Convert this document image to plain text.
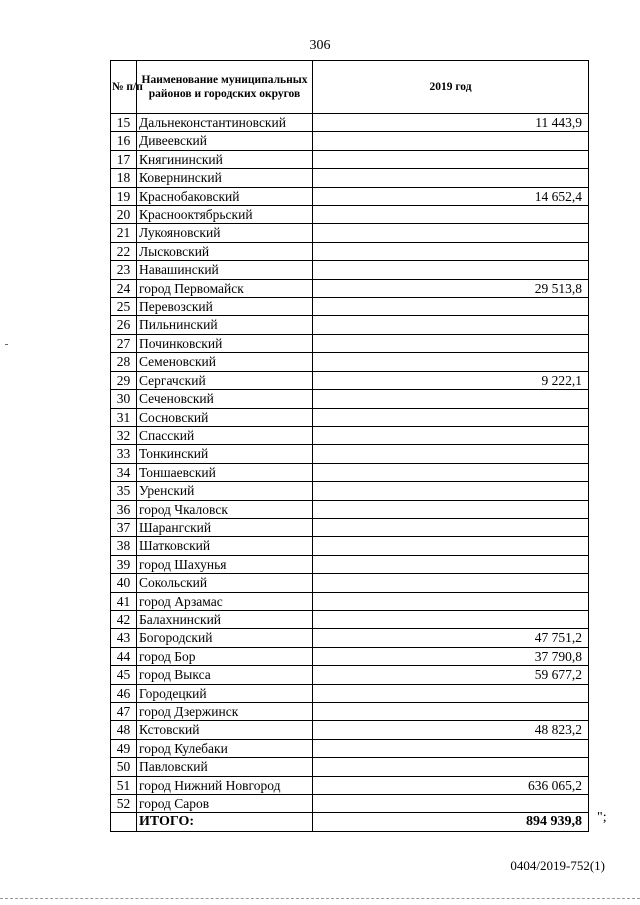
306
№ п/п	Наименование муниципальных районов и городских округов	2019 год
15	Дальнеконстантиновский	11 443,9
16	Дивеевский	
17	Княгининский	
18	Ковернинский	
19	Краснобаковский	14 652,4
20	Краснооктябрьский	
21	Лукояновский	
22	Лысковский	
23	Навашинский	
24	город Первомайск	29 513,8
25	Перевозский	
26	Пильнинский	
27	Починковский	
28	Семеновский	
29	Сергачский	9 222,1
30	Сеченовский	
31	Сосновский	
32	Спасский	
33	Тонкинский	
34	Тоншаевский	
35	Уренский	
36	город Чкаловск	
37	Шарангский	
38	Шатковский	
39	город Шахунья	
40	Сокольский	
41	город Арзамас	
42	Балахнинский	
43	Богородский	47 751,2
44	город Бор	37 790,8
45	город Выкса	59 677,2
46	Городецкий	
47	город Дзержинск	
48	Кстовский	48 823,2
49	город Кулебаки	
50	Павловский	
51	город Нижний Новгород	636 065,2
52	город Саров	
	ИТОГО:	894 939,8 ";
0404/2019-752(1)
